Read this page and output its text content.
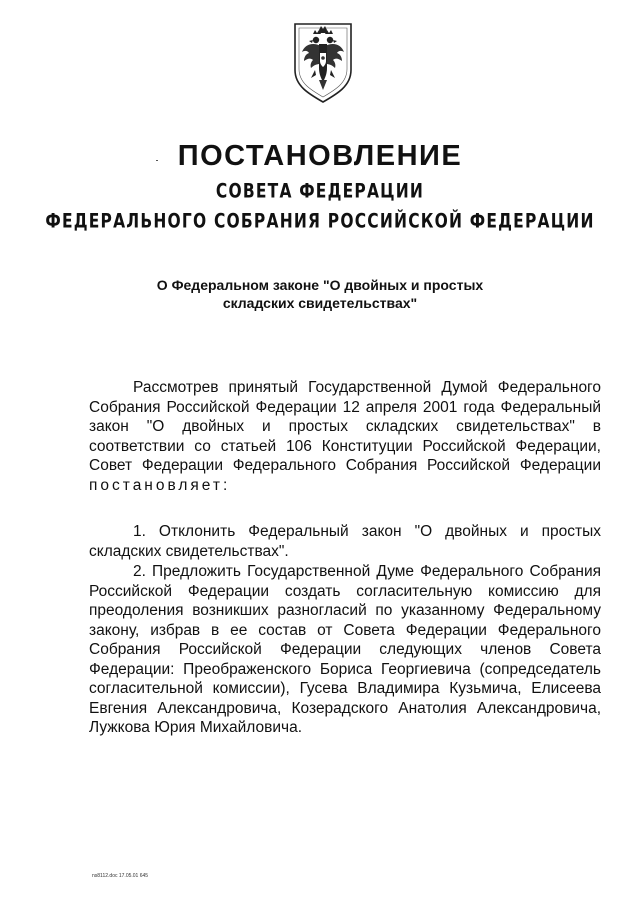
ПОСТАНОВЛЕНИЕ
СОВЕТА ФЕДЕРАЦИИ
ФЕДЕРАЛЬНОГО СОБРАНИЯ РОССИЙСКОЙ ФЕДЕРАЦИИ
О Федеральном законе "О двойных и простых
складских свидетельствах"
Рассмотрев принятый Государственной Думой Федерального Собрания Российской Федерации 12 апреля 2001 года Федеральный закон "О двойных и простых складских свидетельствах" в соответствии со статьей 106 Конституции Российской Федерации, Совет Федерации Федерального Собрания Российской Федерации постановляет:
1. Отклонить Федеральный закон "О двойных и простых складских свидетельствах".
2. Предложить Государственной Думе Федерального Собрания Российской Федерации создать согласительную комиссию для преодоления возникших разногласий по указанному Федеральному закону, избрав в ее состав от Совета Федерации Федерального Собрания Российской Федерации следующих членов Совета Федерации: Преображенского Бориса Георгиевича (сопредседатель согласительной комиссии), Гусева Владимира Кузьмича, Елисеева Евгения Александровича, Козерадского Анатолия Александровича, Лужкова Юрия Михайловича.
ns8112.doc 17.05.01 645
